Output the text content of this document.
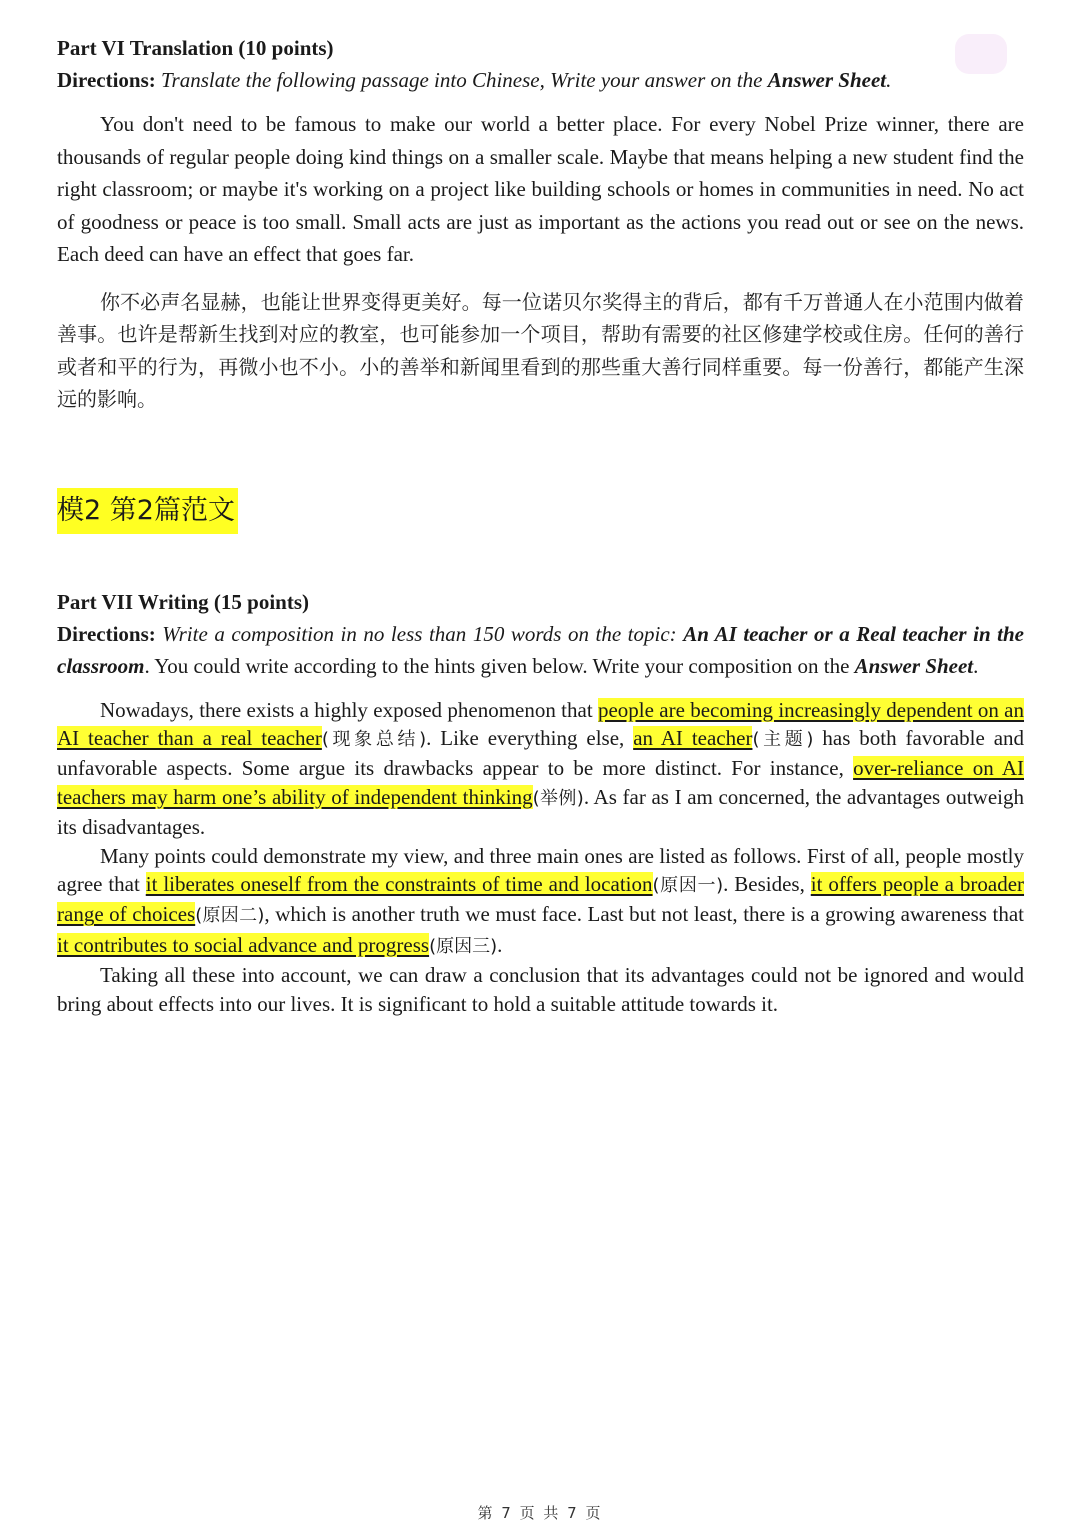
Part VI Translation (10 points)

Directions: Translate the following passage into Chinese, Write your answer on the Answer Sheet.

You don't need to be famous to make our world a better place. For every Nobel Prize winner, there are thousands of regular people doing kind things on a smaller scale. Maybe that means helping a new student find the right classroom; or maybe it's working on a project like building schools or homes in communities in need. No act of goodness or peace is too small. Small acts are just as important as the actions you read out or see on the news. Each deed can have an effect that goes far.

你不必声名显赫，也能让世界变得更美好。每一位诺贝尔奖得主的背后，都有千万普通人在小范围内做着善事。也许是帮新生找到对应的教室，也可能参加一个项目，帮助有需要的社区修建学校或住房。任何的善行或者和平的行为，再微小也不小。小的善举和新闻里看到的那些重大善行同样重要。每一份善行，都能产生深远的影响。

模2 第2篇范文

Part VII Writing (15 points)

Directions: Write a composition in no less than 150 words on the topic: An AI teacher or a Real teacher in the classroom. You could write according to the hints given below. Write your composition on the Answer Sheet.

Nowadays, there exists a highly exposed phenomenon that people are becoming increasingly dependent on an AI teacher than a real teacher(现象总结). Like everything else, an AI teacher(主题) has both favorable and unfavorable aspects. Some argue its drawbacks appear to be more distinct. For instance, over-reliance on AI teachers may harm one’s ability of independent thinking(举例). As far as I am concerned, the advantages outweigh its disadvantages.

Many points could demonstrate my view, and three main ones are listed as follows. First of all, people mostly agree that it liberates oneself from the constraints of time and location(原因一). Besides, it offers people a broader range of choices(原因二), which is another truth we must face. Last but not least, there is a growing awareness that it contributes to social advance and progress(原因三).

Taking all these into account, we can draw a conclusion that its advantages could not be ignored and would bring about effects into our lives. It is significant to hold a suitable attitude towards it.

第 7 页 共 7 页
